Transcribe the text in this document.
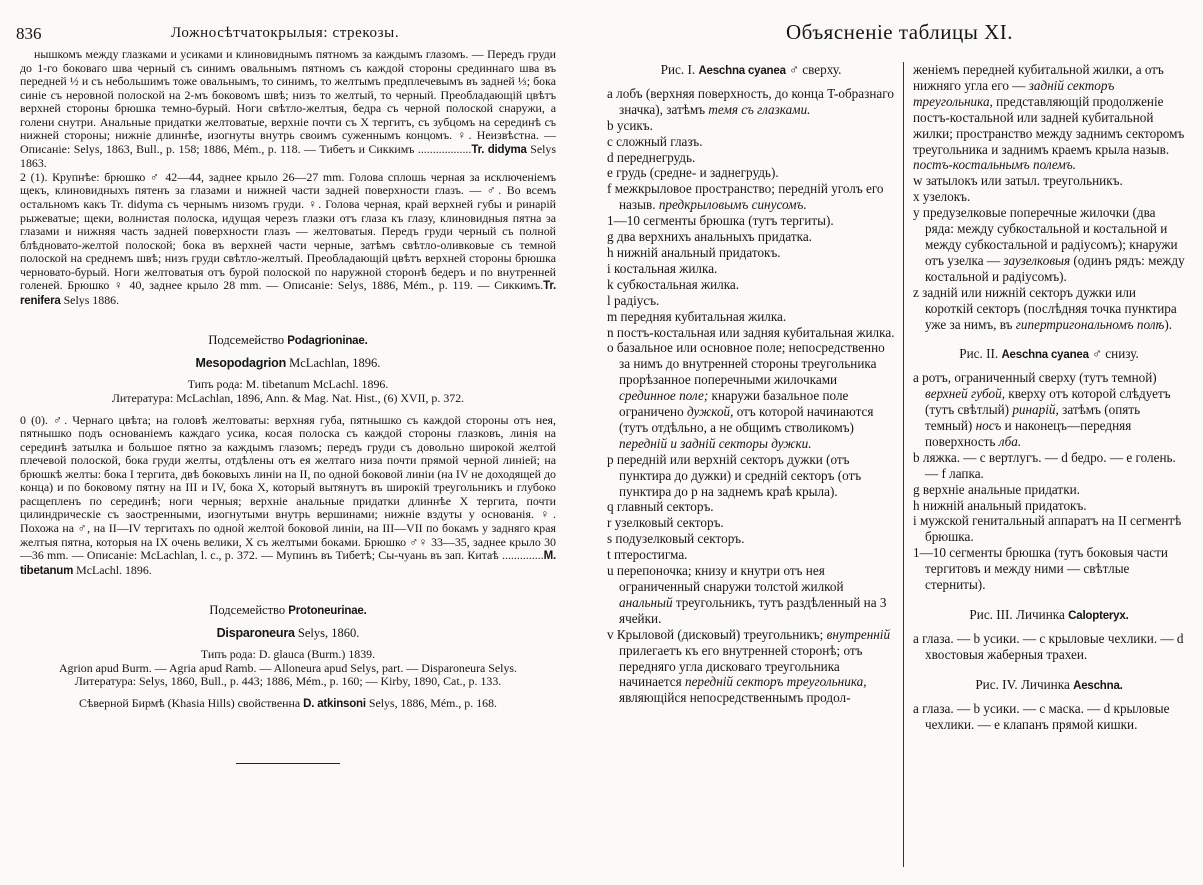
836	Ложносѣтчатокрылыя: стрекозы.

нышкомъ между глазками и усиками и клиновиднымъ пятномъ за каждымъ глазомъ. — Передъ груди до 1-го боковаго шва черный съ синимъ овальнымъ пятномъ съ каждой стороны срединнаго шва въ передней ½ и съ небольшимъ тоже овальнымъ, то синимъ, то желтымъ предплечевымъ въ задней ⅓; бока синіе съ неровной полоской на 2-мъ боковомъ швѣ; низъ то желтый, то черный. Преобладающій цвѣтъ верхней стороны брюшка темно-бурый. Ноги свѣтло-желтыя, бедра съ черной полоской снаружи, а голени снутри. Анальные придатки желтоватые, верхніе почти съ X тергитъ, съ зубцомъ на серединѣ съ нижней стороны; нижніе длиннѣе, изогнуты внутрь своимъ суженнымъ концомъ. ♀. Неизвѣстна. — Описаніе: Selys, 1863, Bull., p. 158; 1886, Mém., p. 118. — Тибетъ и Сиккимъ ..................Tr. didyma Selys 1863.

2 (1). Крупнѣе: брюшко ♂ 42—44, заднее крыло 26—27 mm. Голова сплошь черная за исключеніемъ щекъ, клиновидныхъ пятенъ за глазами и нижней части задней поверхности глазъ. — ♂. Во всемъ остальномъ какъ Tr. didyma съ чернымъ низомъ груди. ♀. Голова черная, край верхней губы и ринарій рыжеватые; щеки, волнистая полоска, идущая черезъ глазки отъ глаза къ глазу, клиновидныя пятна за глазами и нижняя часть задней поверхности глазъ — желтоватыя. Передъ груди черный съ полной блѣдновато-желтой полоской; бока въ верхней части черные, затѣмъ свѣтло-оливковые съ темной полоской на среднемъ швѣ; низъ груди свѣтло-желтый. Преобладающій цвѣтъ верхней стороны брюшка черновато-бурый. Ноги желтоватыя отъ бурой полоской по наружной сторонѣ бедеръ и по внутренней голеней. Брюшко ♀ 40, заднее крыло 28 mm. — Описаніе: Selys, 1886, Mém., p. 119. — Сиккимъ.Tr. renifera Selys 1886.

Подсемейство Podagrioninae.

Mesopodagrion McLachlan, 1896.

Типъ рода: M. tibetanum McLachl. 1896.

Литература: McLachlan, 1896, Ann. & Mag. Nat. Hist., (6) XVII, p. 372.

0 (0). ♂. Чернаго цвѣта; на головѣ желтоваты: верхняя губа, пятнышко съ каждой стороны отъ нея, пятнышко подъ основаніемъ каждаго усика, косая полоска съ каждой стороны глазковъ, линія на серединѣ затылка и большое пятно за каждымъ глазомъ; передъ груди съ довольно широкой желтой плечевой полоской, бока груди желты, отдѣлены отъ ея желтаго низа почти прямой черной линіей; на брюшкѣ желты: бока I тергита, двѣ боковыхъ линіи на II, по одной боковой линіи (на IV не доходящей до конца) и по боковому пятну на III и IV, бока X, который вытянутъ въ широкій треугольникъ и глубоко расщепленъ по серединѣ; ноги черныя; верхніе анальные придатки длиннѣе X тергита, почти цилиндрическіе съ заостренными, изогнутыми внутрь вершинами; нижніе вздуты у основанія. ♀. Похожа на ♂, на II—IV тергитахъ по одной желтой боковой линіи, на III—VII по бокамъ у задняго края желтыя пятна, которыя на IX очень велики, X съ желтыми боками. Брюшко ♂♀ 33—35, заднее крыло 30—36 mm. — Описаніе: McLachlan, l. c., p. 372. — Мупинъ въ Тибетѣ; Сы-чуань въ зап. Китаѣ ..............M. tibetanum McLachl. 1896.

Подсемейство Protoneurinae.

Disparoneura Selys, 1860.

Типъ рода: D. glauca (Burm.) 1839.

Agrion apud Burm. — Agria apud Ramb. — Alloneura apud Selys, part. — Disparoneura Selys.

Литература: Selys, 1860, Bull., p. 443; 1886, Mém., p. 160; — Kirby, 1890, Cat., p. 133.

Сѣверной Бирмѣ (Khasia Hills) свойственна D. atkinsoni Selys, 1886, Mém., p. 168.

Объясненіе таблицы XI.

Рис. I. Aeschna cyanea ♂ сверху.

a лобъ (верхняя поверхность, до конца T-образнаго значка), затѣмъ темя съ глазками.

b усикъ.

c сложный глазъ.

d переднегрудь.

e грудь (средне- и заднегрудь).

f межкрыловое пространство; передній уголъ его назыв. предкрыловымъ синусомъ.

1—10 сегменты брюшка (тутъ тергиты).

g два верхнихъ анальныхъ придатка.

h нижній анальный придатокъ.

i костальная жилка.

k субкостальная жилка.

l радіусъ.

m передняя кубитальная жилка.

n постъ-костальная или задняя кубитальная жилка.

o базальное или основное поле; непосредственно за нимъ до внутренней стороны треугольника прорѣзанное поперечными жилочками срединное поле; кнаружи базальное поле ограничено дужкой, отъ которой начинаются (тутъ отдѣльно, а не общимъ стволикомъ) передній и задній секторы дужки.

p передній или верхній секторъ дужки (отъ пунктира до дужки) и средній секторъ (отъ пунктира до p на заднемъ краѣ крыла).

q главный секторъ.

r узелковый секторъ.

s подузелковый секторъ.

t птеростигма.

u перепоночка; книзу и кнутри отъ нея ограниченный снаружи толстой жилкой анальный треугольникъ, тутъ раздѣленный на 3 ячейки.

v Крыловой (дисковый) треугольникъ; внутренній прилегаетъ къ его внутренней сторонѣ; отъ передняго угла дисковаго треугольника начинается передній секторъ треугольника, являющійся непосредственнымъ продол-

женіемъ передней кубитальной жилки, а отъ нижняго угла его — задній секторъ треугольника, представляющій продолженіе постъ-костальной или задней кубитальной жилки; пространство между заднимъ секторомъ треугольника и заднимъ краемъ крыла назыв. постъ-костальнымъ полемъ.

w затылокъ или затыл. треугольникъ.

x узелокъ.

y предузелковые поперечные жилочки (два ряда: между субкостальной и костальной и между субкостальной и радіусомъ); кнаружи отъ узелка — заузелковыя (одинъ рядъ: между костальной и радіусомъ).

z задній или нижній секторъ дужки или короткій секторъ (послѣдняя точка пунктира уже за нимъ, въ гипертригональномъ полѣ).

Рис. II. Aeschna cyanea ♂ снизу.

a ротъ, ограниченный сверху (тутъ темной) верхней губой, кверху отъ которой слѣдуетъ (тутъ свѣтлый) ринарій, затѣмъ (опять темный) носъ и наконецъ—передняя поверхность лба.

b ляжка. — c вертлугъ. — d бедро. — e голень. — f лапка.

g верхніе анальные придатки.

h нижній анальный придатокъ.

i мужской генитальный аппаратъ на II сегментѣ брюшка.

1—10 сегменты брюшка (тутъ боковыя части тергитовъ и между ними — свѣтлые стерниты).

Рис. III. Личинка Calopteryx.

a глаза. — b усики. — c крыловые чехлики. — d хвостовыя жаберныя трахеи.

Рис. IV. Личинка Aeschna.

a глаза. — b усики. — c маска. — d крыловые чехлики. — e клапанъ прямой кишки.
